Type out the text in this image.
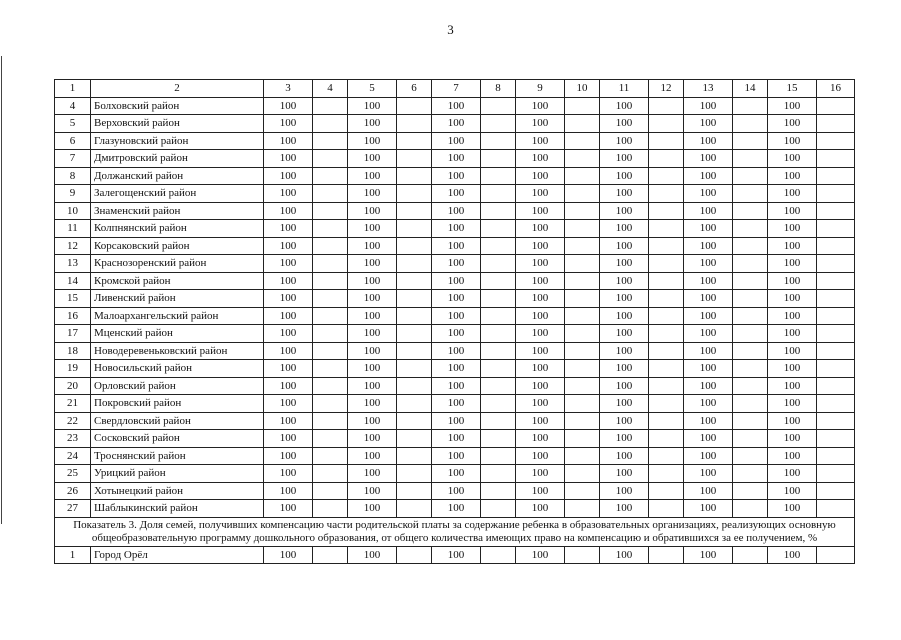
3
1	2	3	4	5	6	7	8	9	10	11	12	13	14	15	16
4	Болховский район	100		100		100		100		100		100		100	
5	Верховский район	100		100		100		100		100		100		100	
6	Глазуновский район	100		100		100		100		100		100		100	
7	Дмитровский район	100		100		100		100		100		100		100	
8	Должанский район	100		100		100		100		100		100		100	
9	Залегощенский район	100		100		100		100		100		100		100	
10	Знаменский район	100		100		100		100		100		100		100	
11	Колпнянский район	100		100		100		100		100		100		100	
12	Корсаковский район	100		100		100		100		100		100		100	
13	Краснозоренский район	100		100		100		100		100		100		100	
14	Кромской район	100		100		100		100		100		100		100	
15	Ливенский район	100		100		100		100		100		100		100	
16	Малоархангельский район	100		100		100		100		100		100		100	
17	Мценский район	100		100		100		100		100		100		100	
18	Новодеревеньковский район	100		100		100		100		100		100		100	
19	Новосильский район	100		100		100		100		100		100		100	
20	Орловский район	100		100		100		100		100		100		100	
21	Покровский район	100		100		100		100		100		100		100	
22	Свердловский район	100		100		100		100		100		100		100	
23	Сосковский район	100		100		100		100		100		100		100	
24	Троснянский район	100		100		100		100		100		100		100	
25	Урицкий район	100		100		100		100		100		100		100	
26	Хотынецкий район	100		100		100		100		100		100		100	
27	Шаблыкинский район	100		100		100		100		100		100		100	
Показатель 3. Доля семей, получивших компенсацию части родительской платы за содержание ребенка в образовательных организациях, реализующих основную общеобразовательную программу дошкольного образования, от общего количества имеющих право на компенсацию и обратившихся за ее получением, %															
1	Город Орёл	100		100		100		100		100		100		100	
